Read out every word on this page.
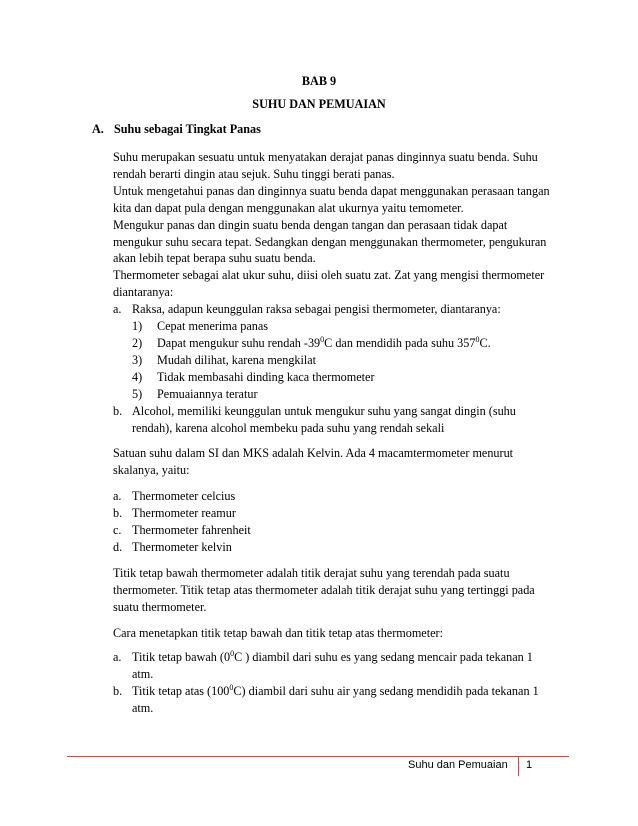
BAB 9

SUHU DAN PEMUAIAN

A. Suhu sebagai Tingkat Panas

Suhu merupakan sesuatu untuk menyatakan derajat panas dinginnya suatu benda. Suhu

rendah berarti dingin atau sejuk. Suhu tinggi berati panas.

Untuk mengetahui panas dan dinginnya suatu benda dapat menggunakan perasaan tangan

kita dan dapat pula dengan menggunakan alat ukurnya yaitu temometer.

Mengukur panas dan dingin suatu benda dengan tangan dan perasaan tidak dapat

mengukur suhu secara tepat. Sedangkan dengan menggunakan thermometer, pengukuran

akan lebih tepat berapa suhu suatu benda.

Thermometer sebagai alat ukur suhu, diisi oleh suatu zat. Zat yang mengisi thermometer

diantaranya:

a. Raksa, adapun keunggulan raksa sebagai pengisi thermometer, diantaranya:

1) Cepat menerima panas
2) Dapat mengukur suhu rendah $-39^0C$ dan mendidih pada suhu $357^0C$.
3) Mudah dilihat, karena mengkilat
4) Tidak membasahi dinding kaca thermometer
5) Pemuaiannya teratur
b. Alcohol, memiliki keunggulan untuk mengukur suhu yang sangat dingin (suhu

rendah), karena alcohol membeku pada suhu yang rendah sekali

Satuan suhu dalam SI dan MKS adalah Kelvin. Ada 4 macamtermometer menurut

skalanya, yaitu:

a. Thermometer celcius
b. Thermometer reamur
c. Thermometer fahrenheit
d. Thermometer kelvin

Titik tetap bawah thermometer adalah titik derajat suhu yang terendah pada suatu

thermometer. Titik tetap atas thermometer adalah titik derajat suhu yang tertinggi pada

suatu thermometer.

Cara menetapkan titik tetap bawah dan titik tetap atas thermometer:

a. Titik tetap bawah ($0^0C$ ) diambil dari suhu es yang sedang mencair pada tekanan 1

atm.

b. Titik tetap atas $(100^0C)$ diambil dari suhu air yang sedang mendidih pada tekanan 1

atm.

Suhu dan Pemuaian 1
